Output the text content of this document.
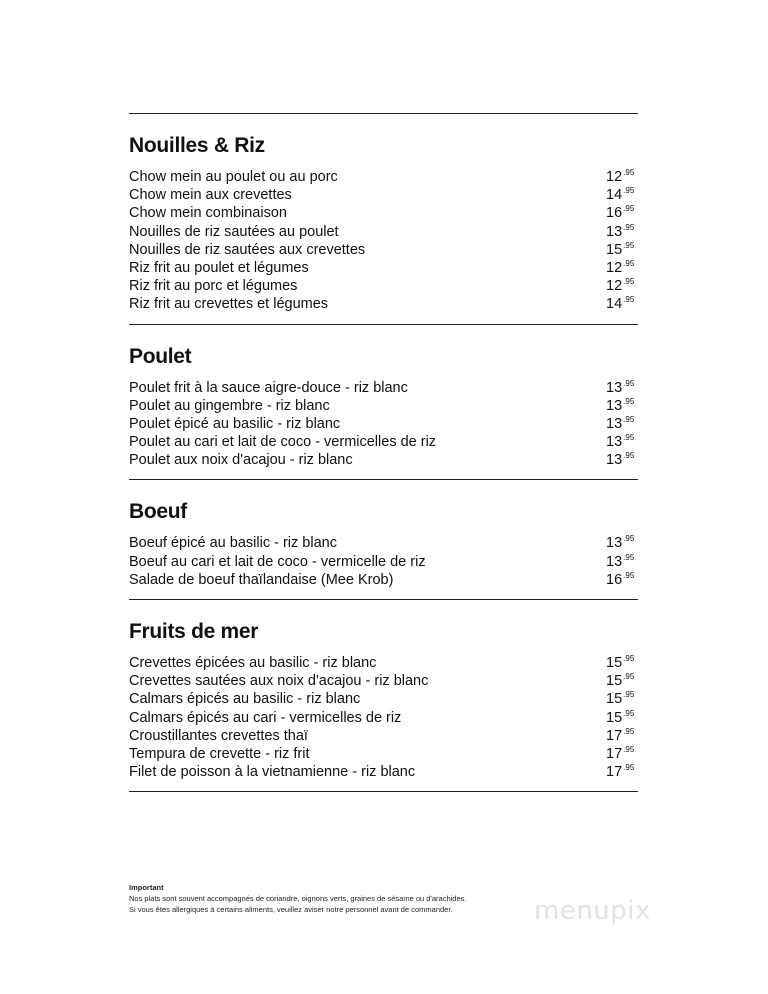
Nouilles & Riz
Chow mein au poulet ou au porc	$12^{.95}$
Chow mein aux crevettes	$14^{.95}$
Chow mein combinaison	$16^{.95}$
Nouilles de riz sautées au poulet	$13^{.95}$
Nouilles de riz sautées aux crevettes	$15^{.95}$
Riz frit au poulet et légumes	$12^{.95}$
Riz frit au porc et légumes	$12^{.95}$
Riz frit au crevettes et légumes	$14^{.95}$
Poulet
Poulet frit à la sauce aigre-douce - riz blanc	$13^{.95}$
Poulet au gingembre - riz blanc	$13^{.95}$
Poulet épicé au basilic - riz blanc	$13^{.95}$
Poulet au cari et lait de coco - vermicelles de riz	$13^{.95}$
Poulet aux noix d'acajou - riz blanc	$13^{.95}$
Boeuf
Boeuf épicé au basilic - riz blanc	$13^{.95}$
Boeuf au cari et lait de coco - vermicelle de riz	$13^{.95}$
Salade de boeuf thaïlandaise (Mee Krob)	$16^{.95}$
Fruits de mer
Crevettes épicées au basilic - riz blanc	$15^{.95}$
Crevettes sautées aux noix d'acajou - riz blanc	$15^{.95}$
Calmars épicés au basilic - riz blanc	$15^{.95}$
Calmars épicés au cari - vermicelles de riz	$15^{.95}$
Croustillantes crevettes thaï	$17^{.95}$
Tempura de crevette - riz frit	$17^{.95}$
Filet de poisson à la vietnamienne - riz blanc	$17^{.95}$
Important
Nos plats sont souvent accompagnés de coriandre, oignons verts, graines de sésame ou d'arachides.
Si vous êtes allergiques à certains aliments, veuillez aviser notre personnel avant de commander.	menupix
